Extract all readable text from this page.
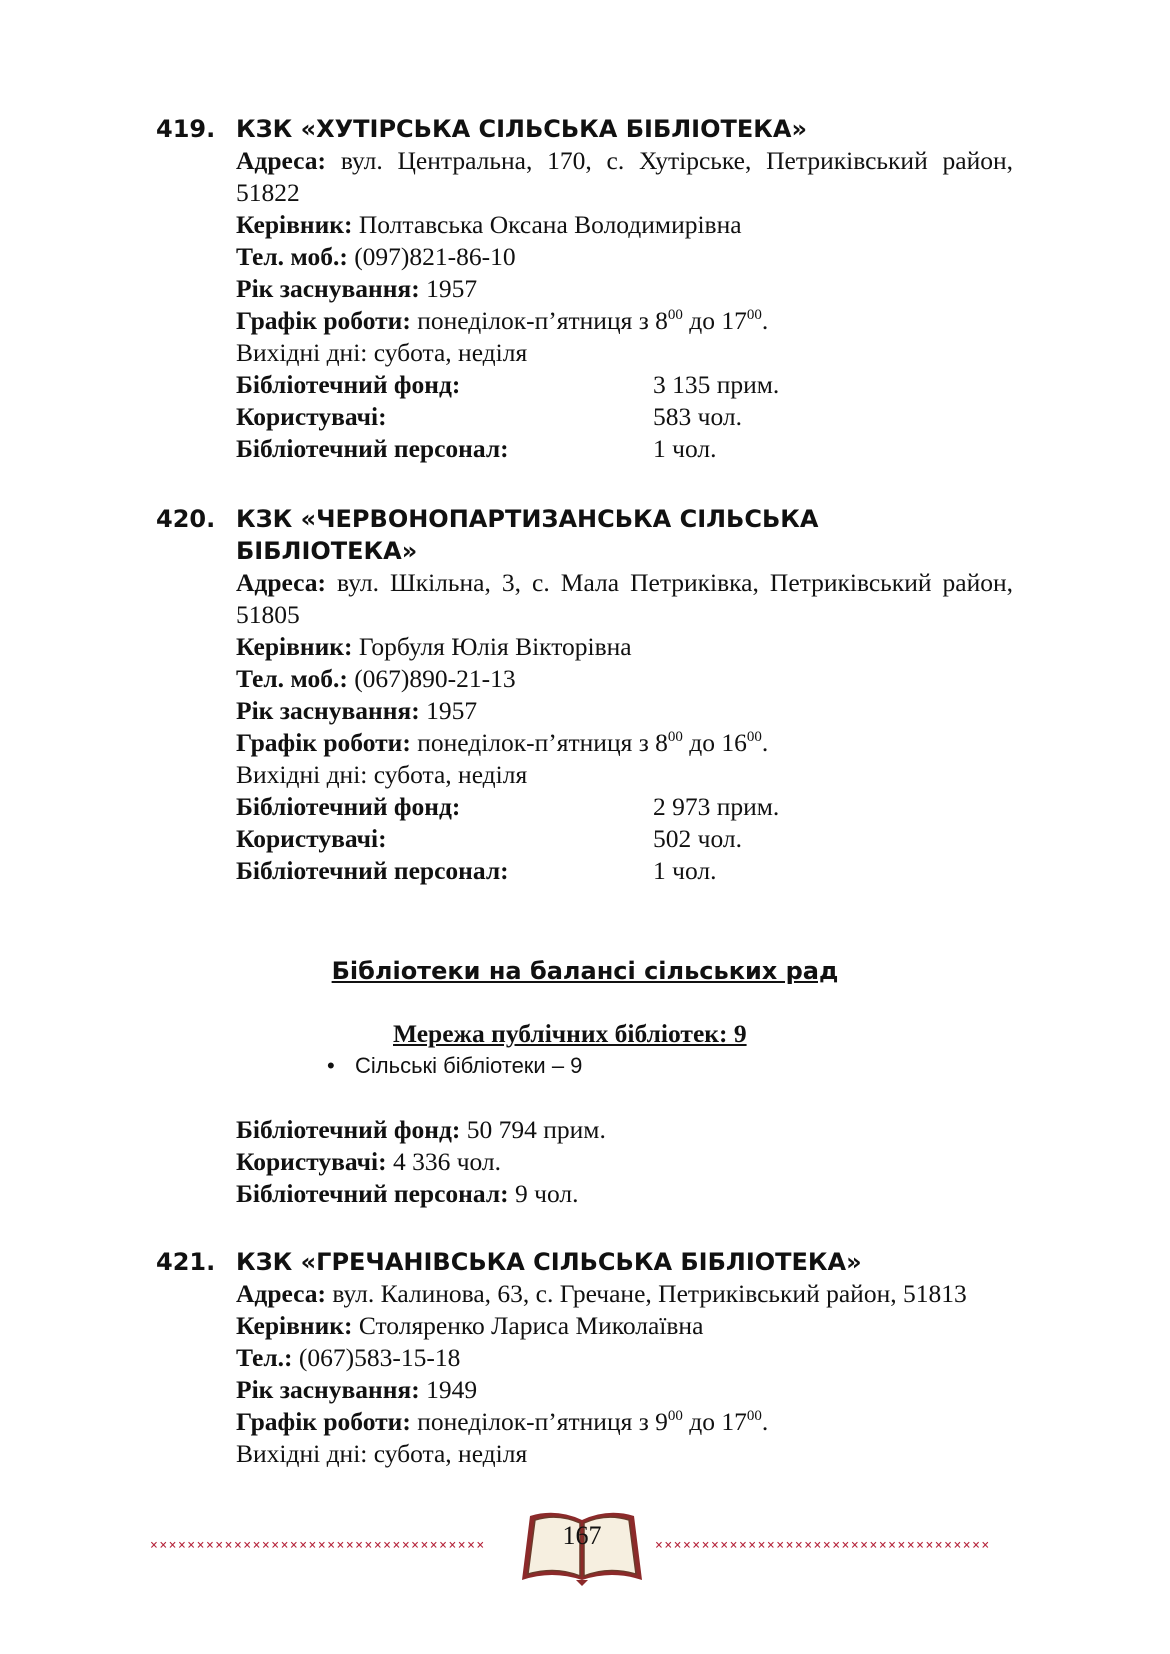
419. КЗК «ХУТІРСЬКА СІЛЬСЬКА БІБЛІОТЕКА»
Адреса: вул. Центральна, 170, с. Хутірське, Петриківський район, 51822
Керівник: Полтавська Оксана Володимирівна
Тел. моб.: (097)821-86-10
Рік заснування: 1957
Графік роботи: понеділок-п’ятниця з $8^{00}$ до $17^{00}$.
Вихідні дні: субота, неділя
Бібліотечний фонд:	3 135 прим.
Користувачі:	583 чол.
Бібліотечний персонал:	1 чол.
420. КЗК «ЧЕРВОНОПАРТИЗАНСЬКА СІЛЬСЬКА БІБЛІОТЕКА»
Адреса: вул. Шкільна, 3, с. Мала Петриківка, Петриківський район, 51805
Керівник: Горбуля Юлія Вікторівна
Тел. моб.: (067)890-21-13
Рік заснування: 1957
Графік роботи: понеділок-п’ятниця з $8^{00}$ до $16^{00}$.
Вихідні дні: субота, неділя
Бібліотечний фонд:	2 973 прим.
Користувачі:	502 чол.
Бібліотечний персонал:	1 чол.
Бібліотеки на балансі сільських рад
Мережа публічних бібліотек: 9
• Сільські бібліотеки – 9
Бібліотечний фонд: 50 794 прим.
Користувачі: 4 336 чол.
Бібліотечний персонал: 9 чол.
421. КЗК «ГРЕЧАНІВСЬКА СІЛЬСЬКА БІБЛІОТЕКА»
Адреса: вул. Калинова, 63, с. Гречане, Петриківський район, 51813
Керівник: Столяренко Лариса Миколаївна
Тел.: (067)583-15-18
Рік заснування: 1949
Графік роботи: понеділок-п’ятниця з $9^{00}$ до $17^{00}$.
Вихідні дні: субота, неділя
××××××××××××××××××××××××××××××××××××	167	××××××××××××××××××××××××××××××××××××
